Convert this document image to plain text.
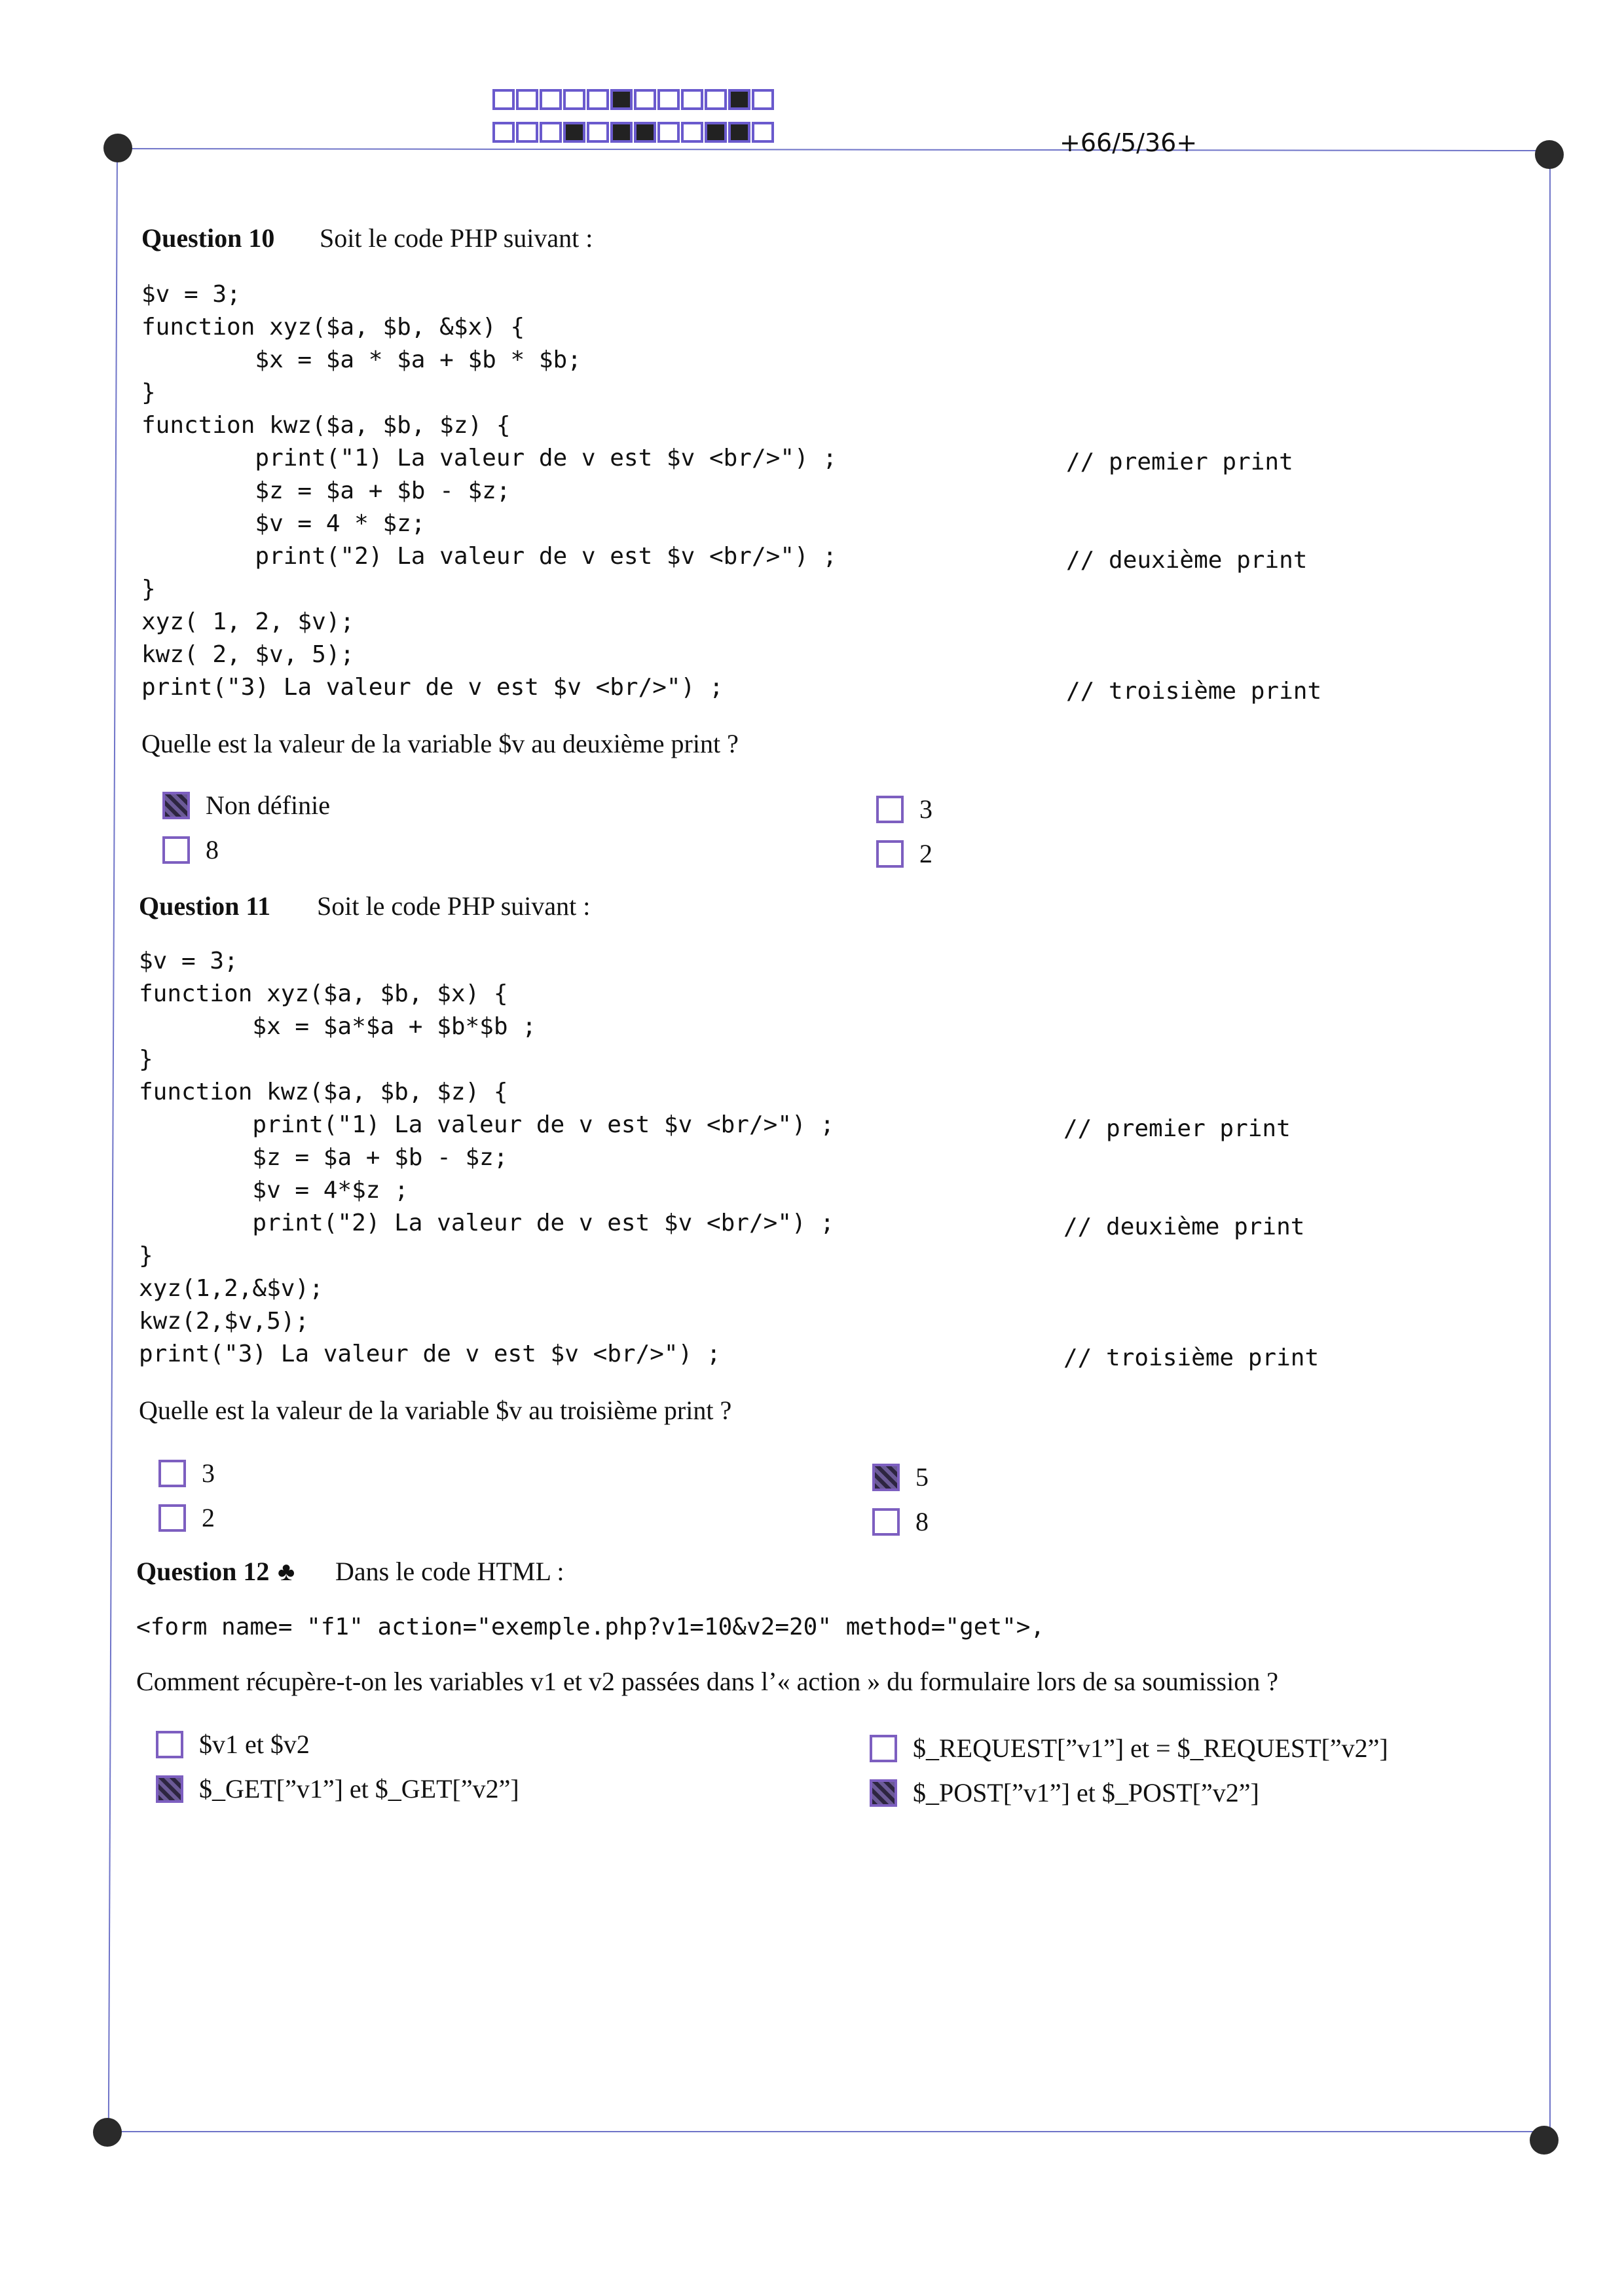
+66/5/36+
Question 10 Soit le code PHP suivant :
$v = 3;
function xyz($a, $b, &$x) {
$x = $a * $a + $b * $b;
}
function kwz($a, $b, $z) {
print("1) La valeur de v est $v <br/>") ;
$z = $a + $b - $z;
$v = 4 * $z;
print("2) La valeur de v est $v <br/>") ;
}
xyz( 1, 2, $v);
kwz( 2, $v, 5);
print("3) La valeur de v est $v <br/>") ;
// premier print
// deuxième print
// troisième print
Quelle est la valeur de la variable $v au deuxième print ?
Non définie
8
3
2
Question 11 Soit le code PHP suivant :
$v = 3;
function xyz($a, $b, $x) {
$x = $a*$a + $b*$b ;
}
function kwz($a, $b, $z) {
print("1) La valeur de v est $v <br/>") ;
$z = $a + $b - $z;
$v = 4*$z ;
print("2) La valeur de v est $v <br/>") ;
}
xyz(1,2,&$v);
kwz(2,$v,5);
print("3) La valeur de v est $v <br/>") ;
// premier print
// deuxième print
// troisième print
Quelle est la valeur de la variable $v au troisième print ?
3
2
5
8
Question 12 ♣ Dans le code HTML :
<form name= "f1" action="exemple.php?v1=10&v2=20" method="get">,
Comment récupère-t-on les variables v1 et v2 passées dans l’« action » du formulaire lors de sa soumission ?
$v1 et $v2
$_GET[”v1”] et $_GET[”v2”]
$_REQUEST[”v1”] et = $_REQUEST[”v2”]
$_POST[”v1”] et $_POST[”v2”]
